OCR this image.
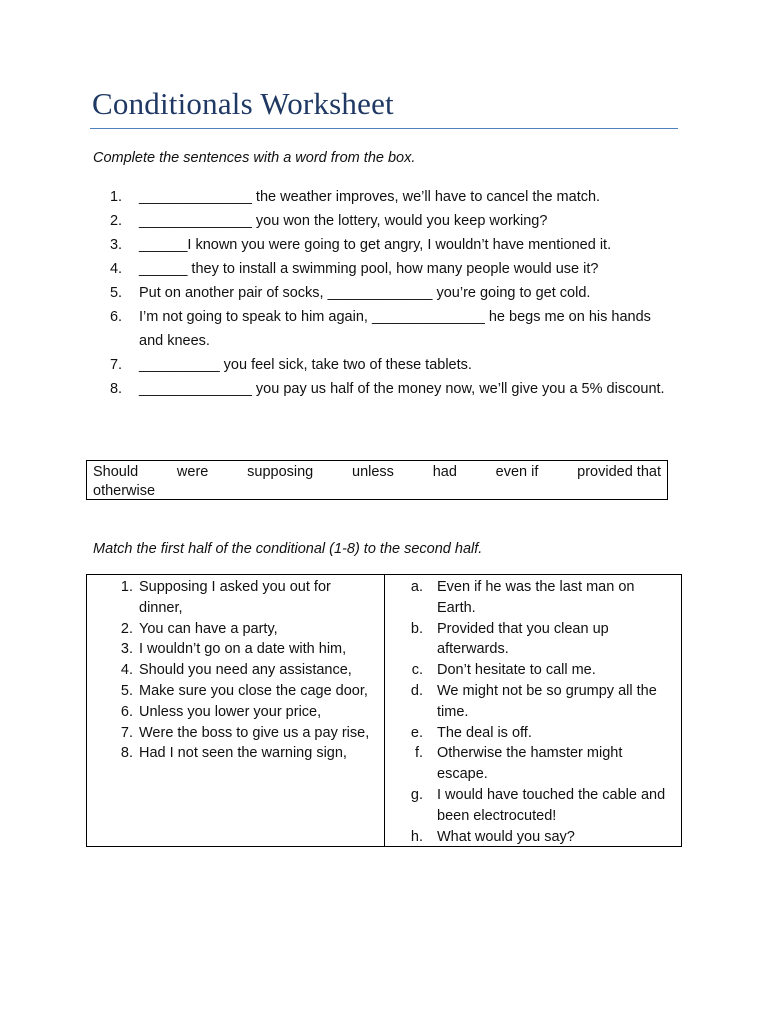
Conditionals Worksheet
Complete the sentences with a word from the box.
1.	______________ the weather improves, we’ll have to cancel the match.
2.	______________ you won the lottery, would you keep working?
3.	______I known you were going to get angry, I wouldn’t have mentioned it.
4.	______ they to install a swimming pool, how many people would use it?
5.	Put on another pair of socks, _____________ you’re going to get cold.
6.	I’m not going to speak to him again, ______________ he begs me on his hands and knees.
7.	__________ you feel sick, take two of these tablets.
8.	______________ you pay us half of the money now, we’ll give you a 5% discount.
Should	were	supposing	unless	had	even if	provided that
otherwise
Match the first half of the conditional (1-8) to the second half.
1. Supposing I asked you out for dinner,
2. You can have a party,
3. I wouldn’t go on a date with him,
4. Should you need any assistance,
5. Make sure you close the cage door,
6. Unless you lower your price,
7. Were the boss to give us a pay rise,
8. Had I not seen the warning sign,
a. Even if he was the last man on Earth.
b. Provided that you clean up afterwards.
c. Don’t hesitate to call me.
d. We might not be so grumpy all the time.
e. The deal is off.
f. Otherwise the hamster might escape.
g. I would have touched the cable and been electrocuted!
h. What would you say?
